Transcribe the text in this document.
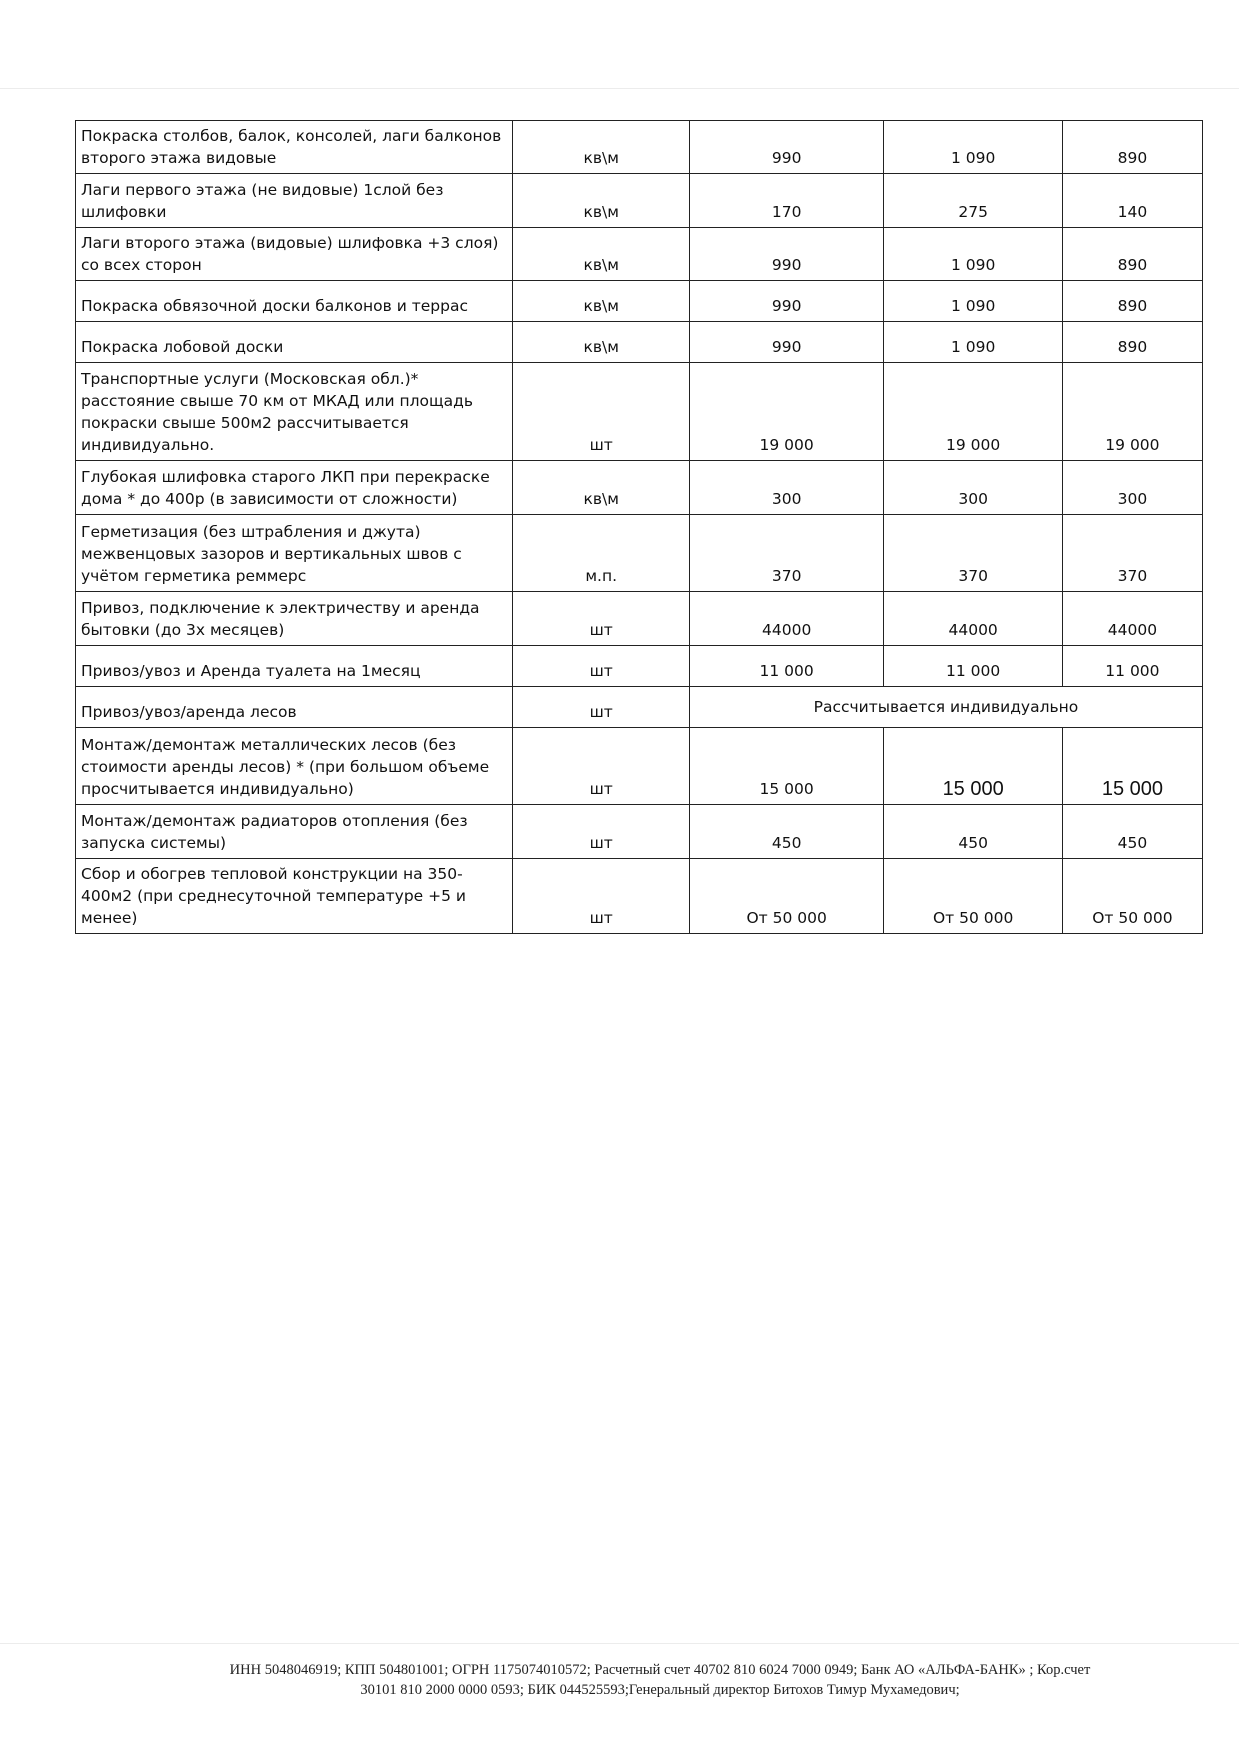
Покраска столбов, балок, консолей, лаги балконов второго этажа видовые	кв\м	990	1 090	890
Лаги первого этажа (не видовые) 1слой без шлифовки	кв\м	170	275	140
Лаги второго этажа (видовые) шлифовка +3 слоя) со всех сторон	кв\м	990	1 090	890
Покраска обвязочной доски балконов и террас	кв\м	990	1 090	890
Покраска лобовой доски	кв\м	990	1 090	890
Транспортные услуги (Московская обл.)* расстояние свыше 70 км от МКАД или площадь покраски свыше 500м2 рассчитывается индивидуально.	шт	19 000	19 000	19 000
Глубокая шлифовка старого ЛКП при перекраске дома * до 400р (в зависимости от сложности)	кв\м	300	300	300
Герметизация (без штрабления и джута) межвенцовых зазоров и вертикальных швов с учётом герметика реммерс	м.п.	370	370	370
Привоз, подключение к электричеству и аренда бытовки (до 3х месяцев)	шт	44000	44000	44000
Привоз/увоз и Аренда туалета на 1месяц	шт	11 000	11 000	11 000
Привоз/увоз/аренда лесов	шт	Рассчитывается индивидуально		
Монтаж/демонтаж металлических лесов (без стоимости аренды лесов) * (при большом объеме просчитывается индивидуально)	шт	15 000	15 000	15 000
Монтаж/демонтаж радиаторов отопления (без запуска системы)	шт	450	450	450
Сбор и обогрев тепловой конструкции на 350-400м2 (при среднесуточной температуре +5 и менее)	шт	От 50 000	От 50 000	От 50 000
ИНН 5048046919; КПП 504801001; ОГРН 1175074010572; Расчетный счет 40702 810 6024 7000 0949; Банк АО «АЛЬФА-БАНК» ; Кор.счет
30101 810 2000 0000 0593; БИК 044525593;Генеральный директор Битохов Тимур Мухамедович;
